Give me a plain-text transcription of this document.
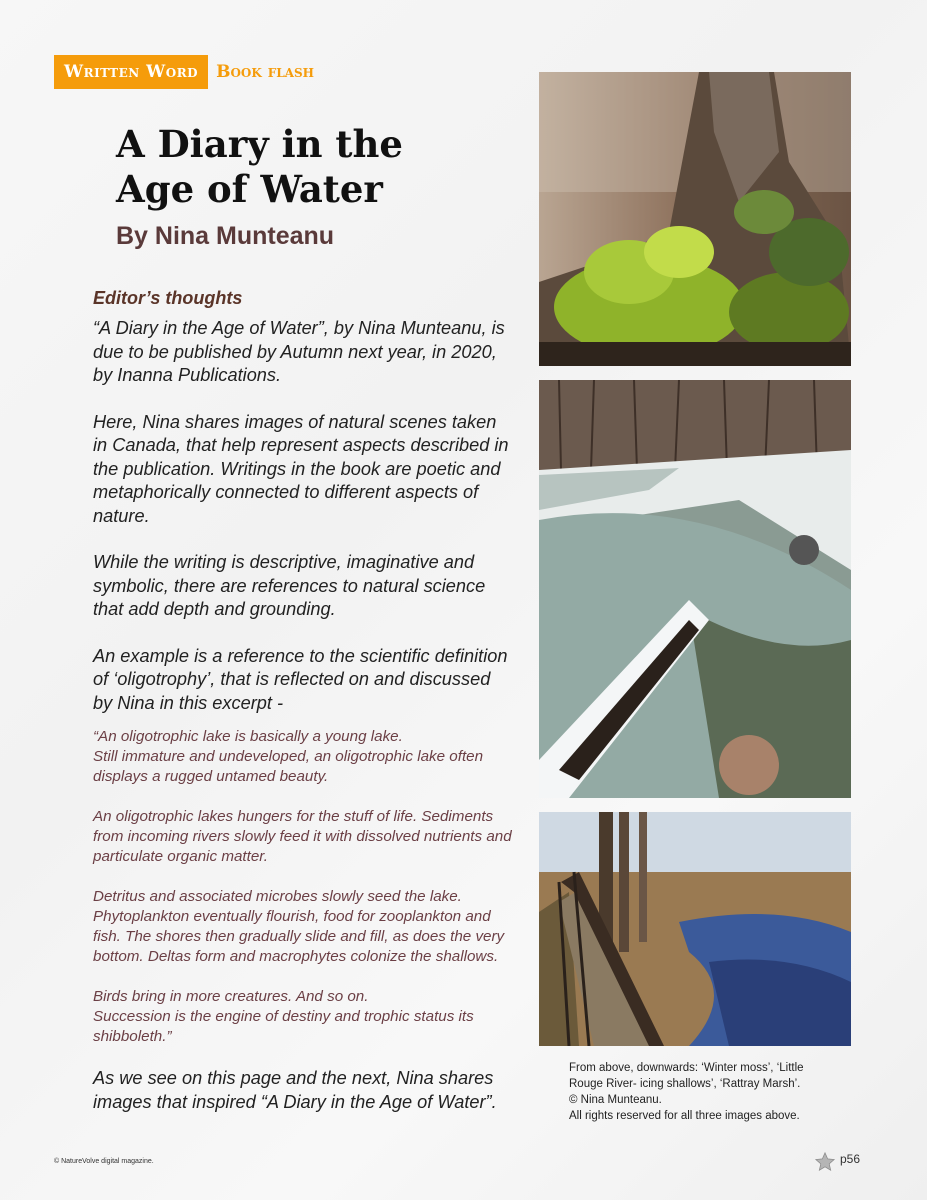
Written Word	Book flash
A Diary in the
Age of Water

By Nina Munteanu

Editor’s thoughts

“A Diary in the Age of Water”, by Nina Munteanu, is due to be published by Autumn next year, in 2020, by Inanna Publications.

Here, Nina shares images of natural scenes taken in Canada, that help represent aspects described in the publication. Writings in the book are poetic and metaphorically connected to different aspects of nature.

While the writing is descriptive, imaginative and symbolic, there are references to natural science that add depth and grounding.

An example is a reference to the scientific definition of ‘oligotrophy’, that is reflected on and discussed by Nina in this excerpt -

“An oligotrophic lake is basically a young lake.
Still immature and undeveloped, an oligotrophic lake often displays a rugged untamed beauty.

An oligotrophic lakes hungers for the stuff of life. Sediments from incoming rivers slowly feed it with dissolved nutrients and particulate organic matter.

Detritus and associated microbes slowly seed the lake. Phytoplankton eventually flourish, food for zooplankton and fish. The shores then gradually slide and fill, as does the very bottom. Deltas form and macrophytes colonize the shallows.

Birds bring in more creatures. And so on.
Succession is the engine of destiny and trophic status its shibboleth.”

As we see on this page and the next, Nina shares images that inspired “A Diary in the Age of Water”.

From above, downwards: ‘Winter moss’, ‘Little Rouge River- icing shallows’, ‘Rattray Marsh’.
© Nina Munteanu.
All rights reserved for all three images above.
© NatureVolve digital magazine.	p56
